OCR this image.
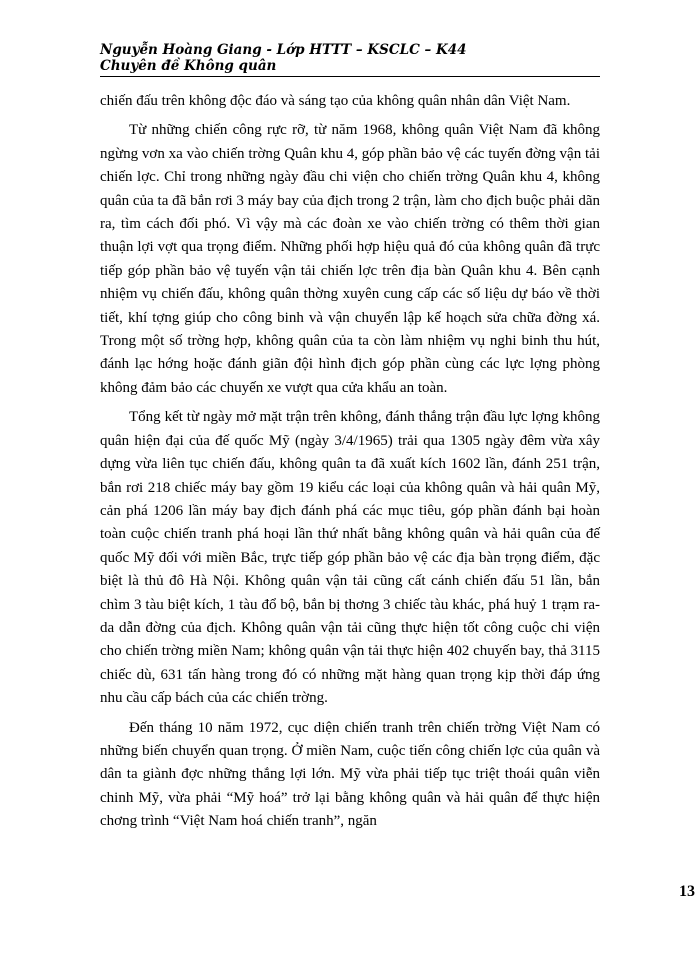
Nguyễn Hoàng Giang - Lớp HTTT – KSCLC – K44
Chuyên đề Không quân

chiến đấu trên không độc đáo và sáng tạo của không quân nhân dân Việt Nam.

Từ những chiến công rực rỡ, từ năm 1968, không quân Việt Nam đã không ngừng vơn xa vào chiến trờng Quân khu 4, góp phần bảo vệ các tuyến đờng vận tải chiến lợc. Chỉ trong những ngày đầu chi viện cho chiến trờng Quân khu 4, không quân của ta đã bắn rơi 3 máy bay của địch trong 2 trận, làm cho địch buộc phải dãn ra, tìm cách đối phó. Vì vậy mà các đoàn xe vào chiến trờng có thêm thời gian thuận lợi vợt qua trọng điểm. Những phối hợp hiệu quả đó của không quân đã trực tiếp góp phần bảo vệ tuyến vận tải chiến lợc trên địa bàn Quân khu 4. Bên cạnh nhiệm vụ chiến đấu, không quân thờng xuyên cung cấp các số liệu dự báo về thời tiết, khí tợng giúp cho công binh và vận chuyển lập kế hoạch sửa chữa đờng xá. Trong một số trờng hợp, không quân của ta còn làm nhiệm vụ nghi binh thu hút, đánh lạc hớng hoặc đánh giãn đội hình địch góp phần cùng các lực lợng phòng không đảm bảo các chuyến xe vượt qua cửa khẩu an toàn.

Tổng kết từ ngày mở mặt trận trên không, đánh thắng trận đầu lực lợng không quân hiện đại của đế quốc Mỹ (ngày 3/4/1965) trải qua 1305 ngày đêm vừa xây dựng vừa liên tục chiến đấu, không quân ta đã xuất kích 1602 lần, đánh 251 trận, bắn rơi 218 chiếc máy bay gồm 19 kiểu các loại của không quân và hải quân Mỹ, cản phá 1206 lần máy bay địch đánh phá các mục tiêu, góp phần đánh bại hoàn toàn cuộc chiến tranh phá hoại lần thứ nhất bằng không quân và hải quân của đế quốc Mỹ đối với miền Bắc, trực tiếp góp phần bảo vệ các địa bàn trọng điểm, đặc biệt là thủ đô Hà Nội. Không quân vận tải cũng cất cánh chiến đấu 51 lần, bắn chìm 3 tàu biệt kích, 1 tàu đổ bộ, bắn bị thơng 3 chiếc tàu khác, phá huỷ 1 trạm ra-da dẫn đờng của địch. Không quân vận tải cũng thực hiện tốt công cuộc chi viện cho chiến trờng miền Nam; không quân vận tải thực hiện 402 chuyến bay, thả 3115 chiếc dù, 631 tấn hàng trong đó có những mặt hàng quan trọng kịp thời đáp ứng nhu cầu cấp bách của các chiến trờng.

Đến tháng 10 năm 1972, cục diện chiến tranh trên chiến trờng Việt Nam có những biến chuyển quan trọng. Ở miền Nam, cuộc tiến công chiến lợc của quân và dân ta giành đợc những thắng lợi lớn. Mỹ vừa phải tiếp tục triệt thoái quân viễn chinh Mỹ, vừa phải “Mỹ hoá” trở lại bằng không quân và hải quân để thực hiện chơng trình “Việt Nam hoá chiến tranh”, ngăn

13
